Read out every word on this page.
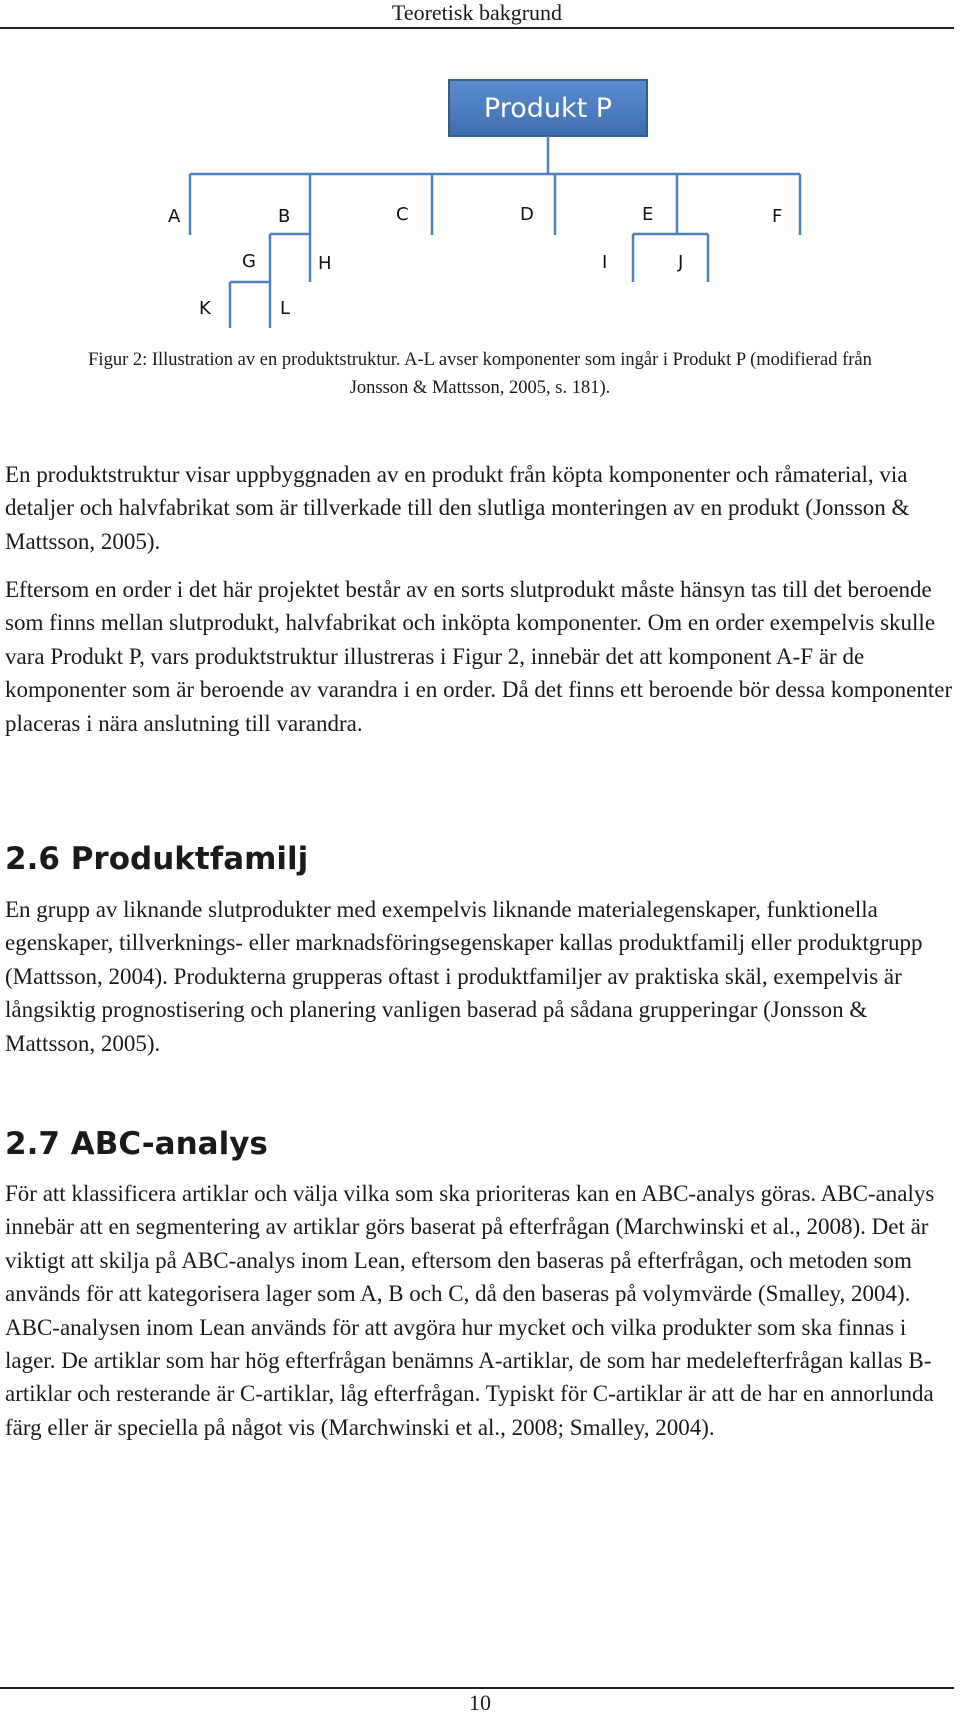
Teoretisk bakgrund
Produkt P
A	B	C	D	E	F
G	H	I	J
K	L
Figur 2: Illustration av en produktstruktur. A-L avser komponenter som ingår i Produkt P (modifierad från
Jonsson & Mattsson, 2005, s. 181).

En produktstruktur visar uppbyggnaden av en produkt från köpta komponenter och råmaterial, via detaljer och halvfabrikat som är tillverkade till den slutliga monteringen av en produkt (Jonsson & Mattsson, 2005).

Eftersom en order i det här projektet består av en sorts slutprodukt måste hänsyn tas till det beroende som finns mellan slutprodukt, halvfabrikat och inköpta komponenter. Om en order exempelvis skulle vara Produkt P, vars produktstruktur illustreras i Figur 2, innebär det att komponent A-F är de komponenter som är beroende av varandra i en order. Då det finns ett beroende bör dessa komponenter placeras i nära anslutning till varandra.

2.6 Produktfamilj

En grupp av liknande slutprodukter med exempelvis liknande materialegenskaper, funktionella egenskaper, tillverknings- eller marknadsföringsegenskaper kallas produktfamilj eller produktgrupp (Mattsson, 2004). Produkterna grupperas oftast i produktfamiljer av praktiska skäl, exempelvis är långsiktig prognostisering och planering vanligen baserad på sådana grupperingar (Jonsson & Mattsson, 2005).

2.7 ABC-analys

För att klassificera artiklar och välja vilka som ska prioriteras kan en ABC-analys göras. ABC-analys innebär att en segmentering av artiklar görs baserat på efterfrågan (Marchwinski et al., 2008). Det är viktigt att skilja på ABC-analys inom Lean, eftersom den baseras på efterfrågan, och metoden som används för att kategorisera lager som A, B och C, då den baseras på volymvärde (Smalley, 2004). ABC-analysen inom Lean används för att avgöra hur mycket och vilka produkter som ska finnas i lager. De artiklar som har hög efterfrågan benämns A-artiklar, de som har medelefterfrågan kallas B-artiklar och resterande är C-artiklar, låg efterfrågan. Typiskt för C-artiklar är att de har en annorlunda färg eller är speciella på något vis (Marchwinski et al., 2008; Smalley, 2004).

10
